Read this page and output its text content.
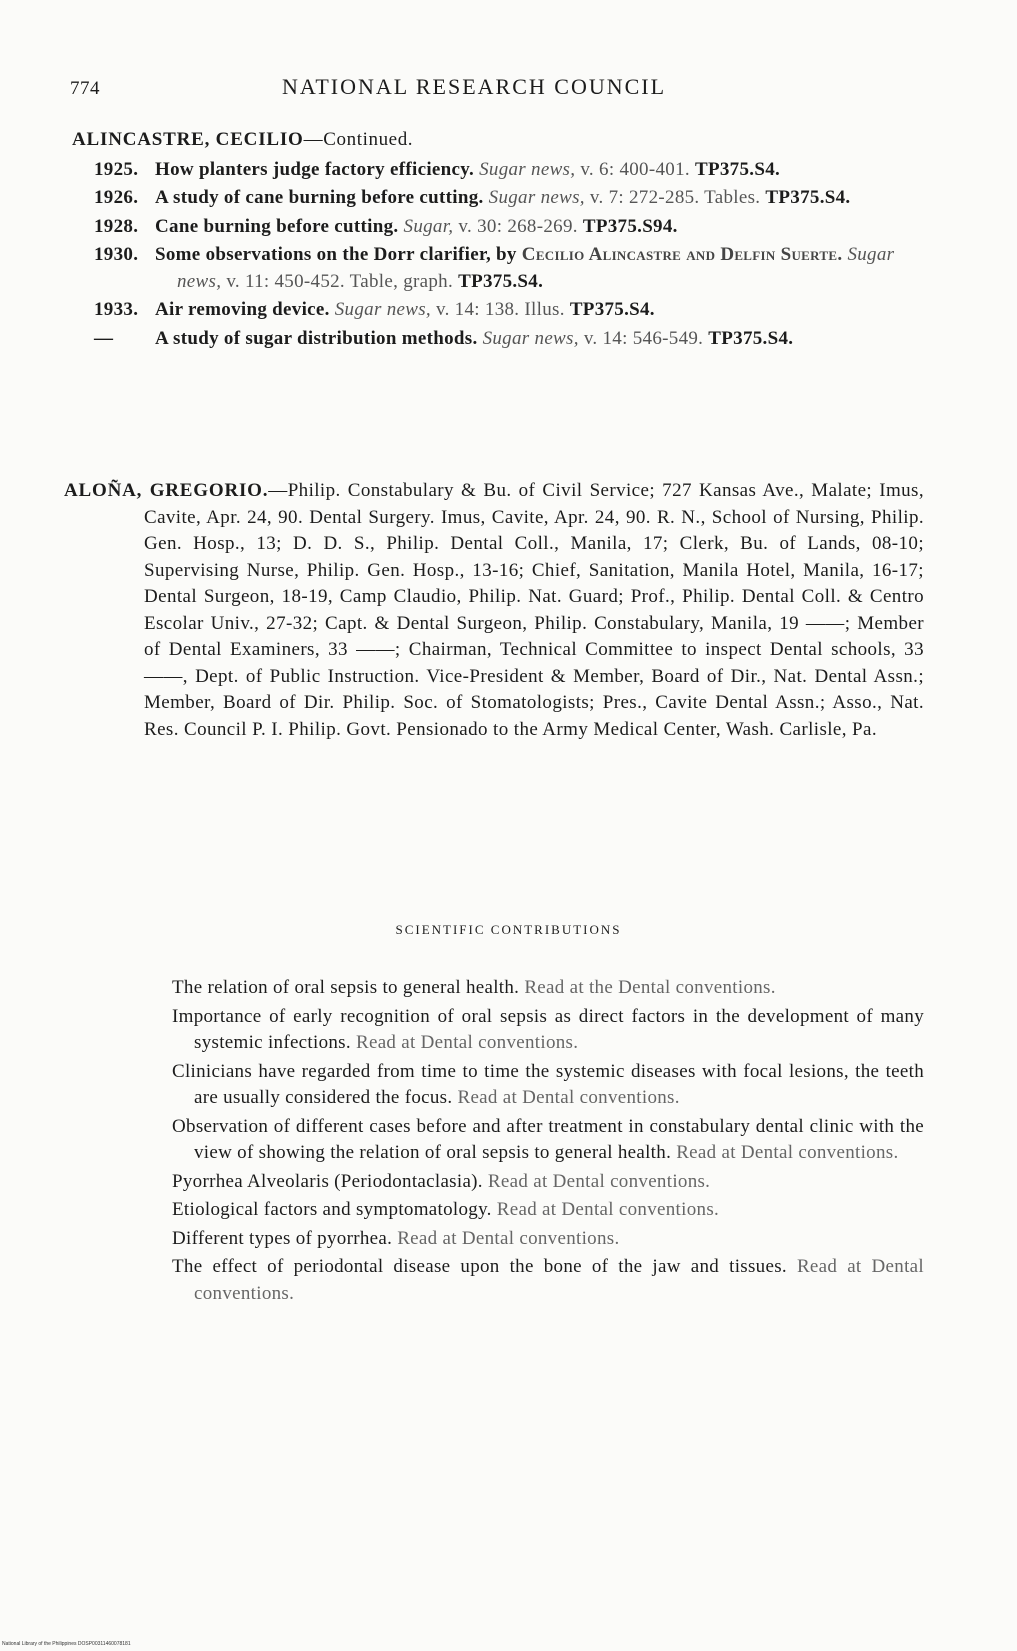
774	NATIONAL RESEARCH COUNCIL

ALINCASTRE, CECILIO—Continued.

1925. How planters judge factory efficiency. Sugar news, v. 6: 400-401. TP375.S4.
1926. A study of cane burning before cutting. Sugar news, v. 7: 272-285. Tables. TP375.S4.
1928. Cane burning before cutting. Sugar, v. 30: 268-269. TP375.S94.
1930. Some observations on the Dorr clarifier, by Cecilio Alincastre and Delfin Suerte. Sugar news, v. 11: 450-452. Table, graph. TP375.S4.
1933. Air removing device. Sugar news, v. 14: 138. Illus. TP375.S4.
—	A study of sugar distribution methods. Sugar news, v. 14: 546-549. TP375.S4.

ALOÑA, GREGORIO.—Philip. Constabulary & Bu. of Civil Service; 727 Kansas Ave., Malate; Imus, Cavite, Apr. 24, 90. Dental Surgery. Imus, Cavite, Apr. 24, 90. R. N., School of Nursing, Philip. Gen. Hosp., 13; D. D. S., Philip. Dental Coll., Manila, 17; Clerk, Bu. of Lands, 08-10; Supervising Nurse, Philip. Gen. Hosp., 13-16; Chief, Sanitation, Manila Hotel, Manila, 16-17; Dental Surgeon, 18-19, Camp Claudio, Philip. Nat. Guard; Prof., Philip. Dental Coll. & Centro Escolar Univ., 27-32; Capt. & Dental Surgeon, Philip. Constabulary, Manila, 19 ——; Member of Dental Examiners, 33 ——; Chairman, Technical Committee to inspect Dental schools, 33 ——, Dept. of Public Instruction. Vice-President & Member, Board of Dir., Nat. Dental Assn.; Member, Board of Dir. Philip. Soc. of Stomatologists; Pres., Cavite Dental Assn.; Asso., Nat. Res. Council P. I. Philip. Govt. Pensionado to the Army Medical Center, Wash. Carlisle, Pa.

SCIENTIFIC CONTRIBUTIONS
The relation of oral sepsis to general health. Read at the Dental conventions.
Importance of early recognition of oral sepsis as direct factors in the development of many systemic infections. Read at Dental conventions.
Clinicians have regarded from time to time the systemic diseases with focal lesions, the teeth are usually considered the focus. Read at Dental conventions.
Observation of different cases before and after treatment in constabulary dental clinic with the view of showing the relation of oral sepsis to general health. Read at Dental conventions.
Pyorrhea Alveolaris (Periodontaclasia). Read at Dental conventions.
Etiological factors and symptomatology. Read at Dental conventions.
Different types of pyorrhea. Read at Dental conventions.
The effect of periodontal disease upon the bone of the jaw and tissues. Read at Dental conventions.
National Library of the Philippines DOSP00311460078181
